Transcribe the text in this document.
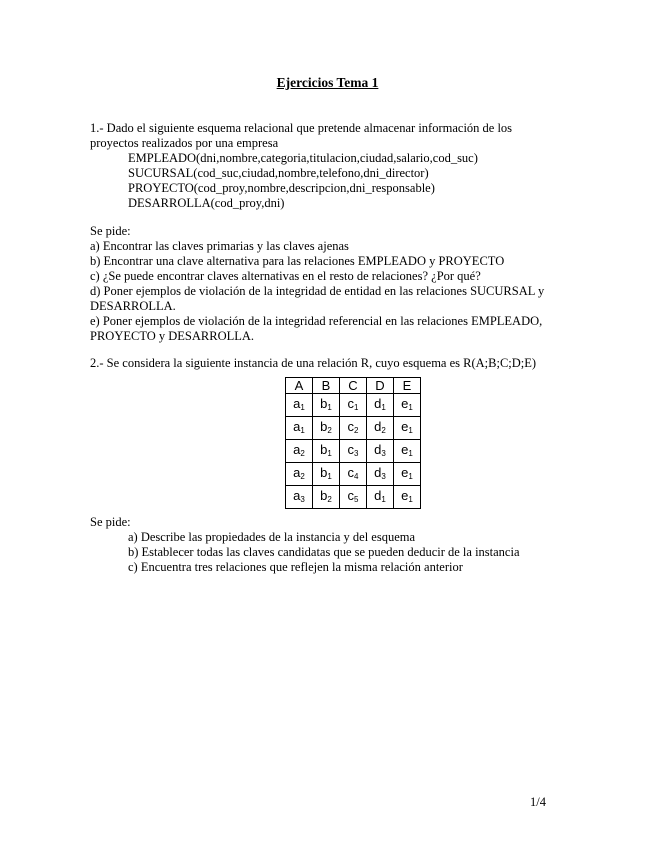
Ejercicios Tema 1
1.- Dado el siguiente esquema relacional que pretende almacenar información de los
proyectos realizados por una empresa
EMPLEADO(dni,nombre,categoria,titulacion,ciudad,salario,cod_suc)
SUCURSAL(cod_suc,ciudad,nombre,telefono,dni_director)
PROYECTO(cod_proy,nombre,descripcion,dni_responsable)
DESARROLLA(cod_proy,dni)
Se pide:
a) Encontrar las claves primarias y las claves ajenas
b) Encontrar una clave alternativa para las relaciones EMPLEADO y PROYECTO
c) ¿Se puede encontrar claves alternativas en el resto de relaciones? ¿Por qué?
d) Poner ejemplos de violación de la integridad de entidad en las relaciones SUCURSAL y DESARROLLA.
e) Poner ejemplos de violación de la integridad referencial en las relaciones EMPLEADO, PROYECTO y DESARROLLA.
2.- Se considera la siguiente instancia de una relación R, cuyo esquema es R(A;B;C;D;E)
A	B	C	D	E
$a_1$	$b_1$	$c_1$	$d_1$	$e_1$
$a_1$	$b_2$	$c_2$	$d_2$	$e_1$
$a_2$	$b_1$	$c_3$	$d_3$	$e_1$
$a_2$	$b_1$	$c_4$	$d_3$	$e_1$
$a_3$	$b_2$	$c_5$	$d_1$	$e_1$
Se pide:
a) Describe las propiedades de la instancia y del esquema
b) Establecer todas las claves candidatas que se pueden deducir de la instancia
c) Encuentra tres relaciones que reflejen la misma relación anterior
1/4
